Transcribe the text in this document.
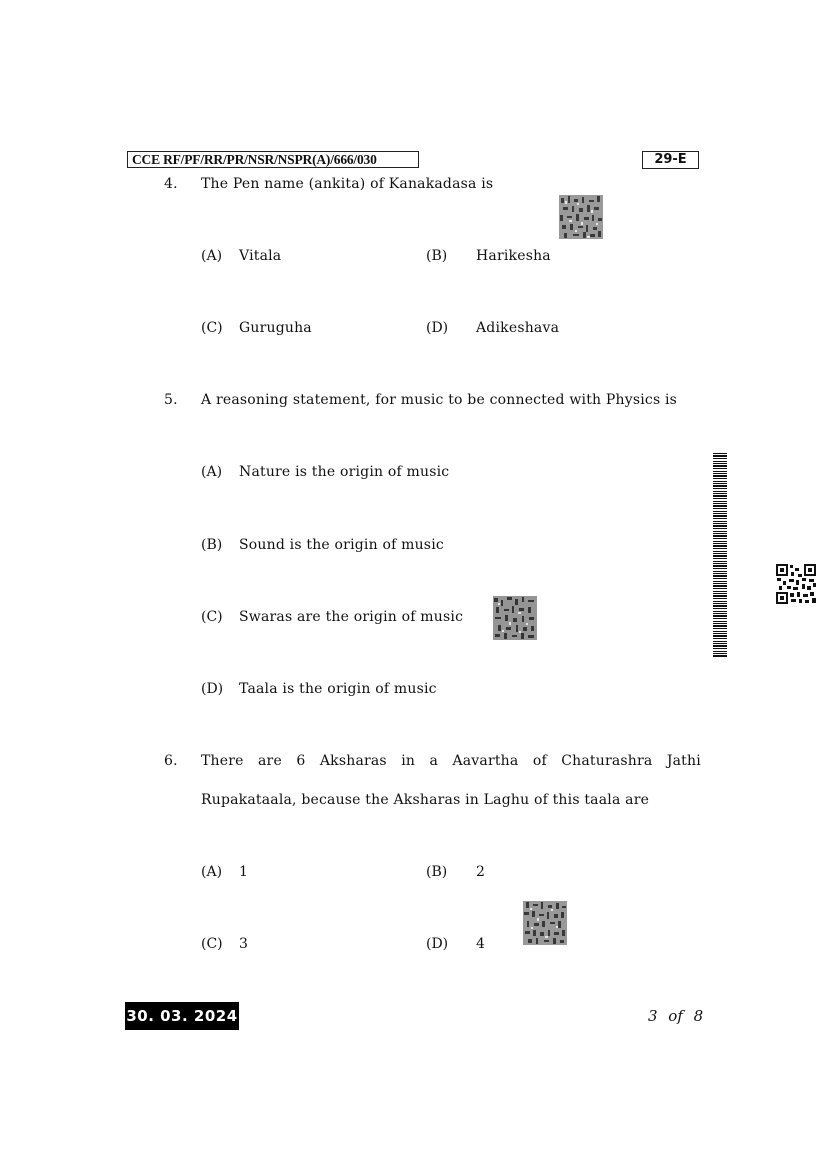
CCE RF/PF/RR/PR/NSR/NSPR(A)/666/030	29-E
4. The Pen name (ankita) of Kanakadasa is
(A) Vitala	(B) Harikesha
(C) Guruguha	(D) Adikeshava
5. A reasoning statement, for music to be connected with Physics is
(A) Nature is the origin of music
(B) Sound is the origin of music
(C) Swaras are the origin of music
(D) Taala is the origin of music
6. There are 6 Aksharas in a Aavartha of Chaturashra Jathi
Rupakataala, because the Aksharas in Laghu of this taala are
(A) 1	(B) 2
(C) 3	(D) 4
30. 03. 2024	3 of 8
